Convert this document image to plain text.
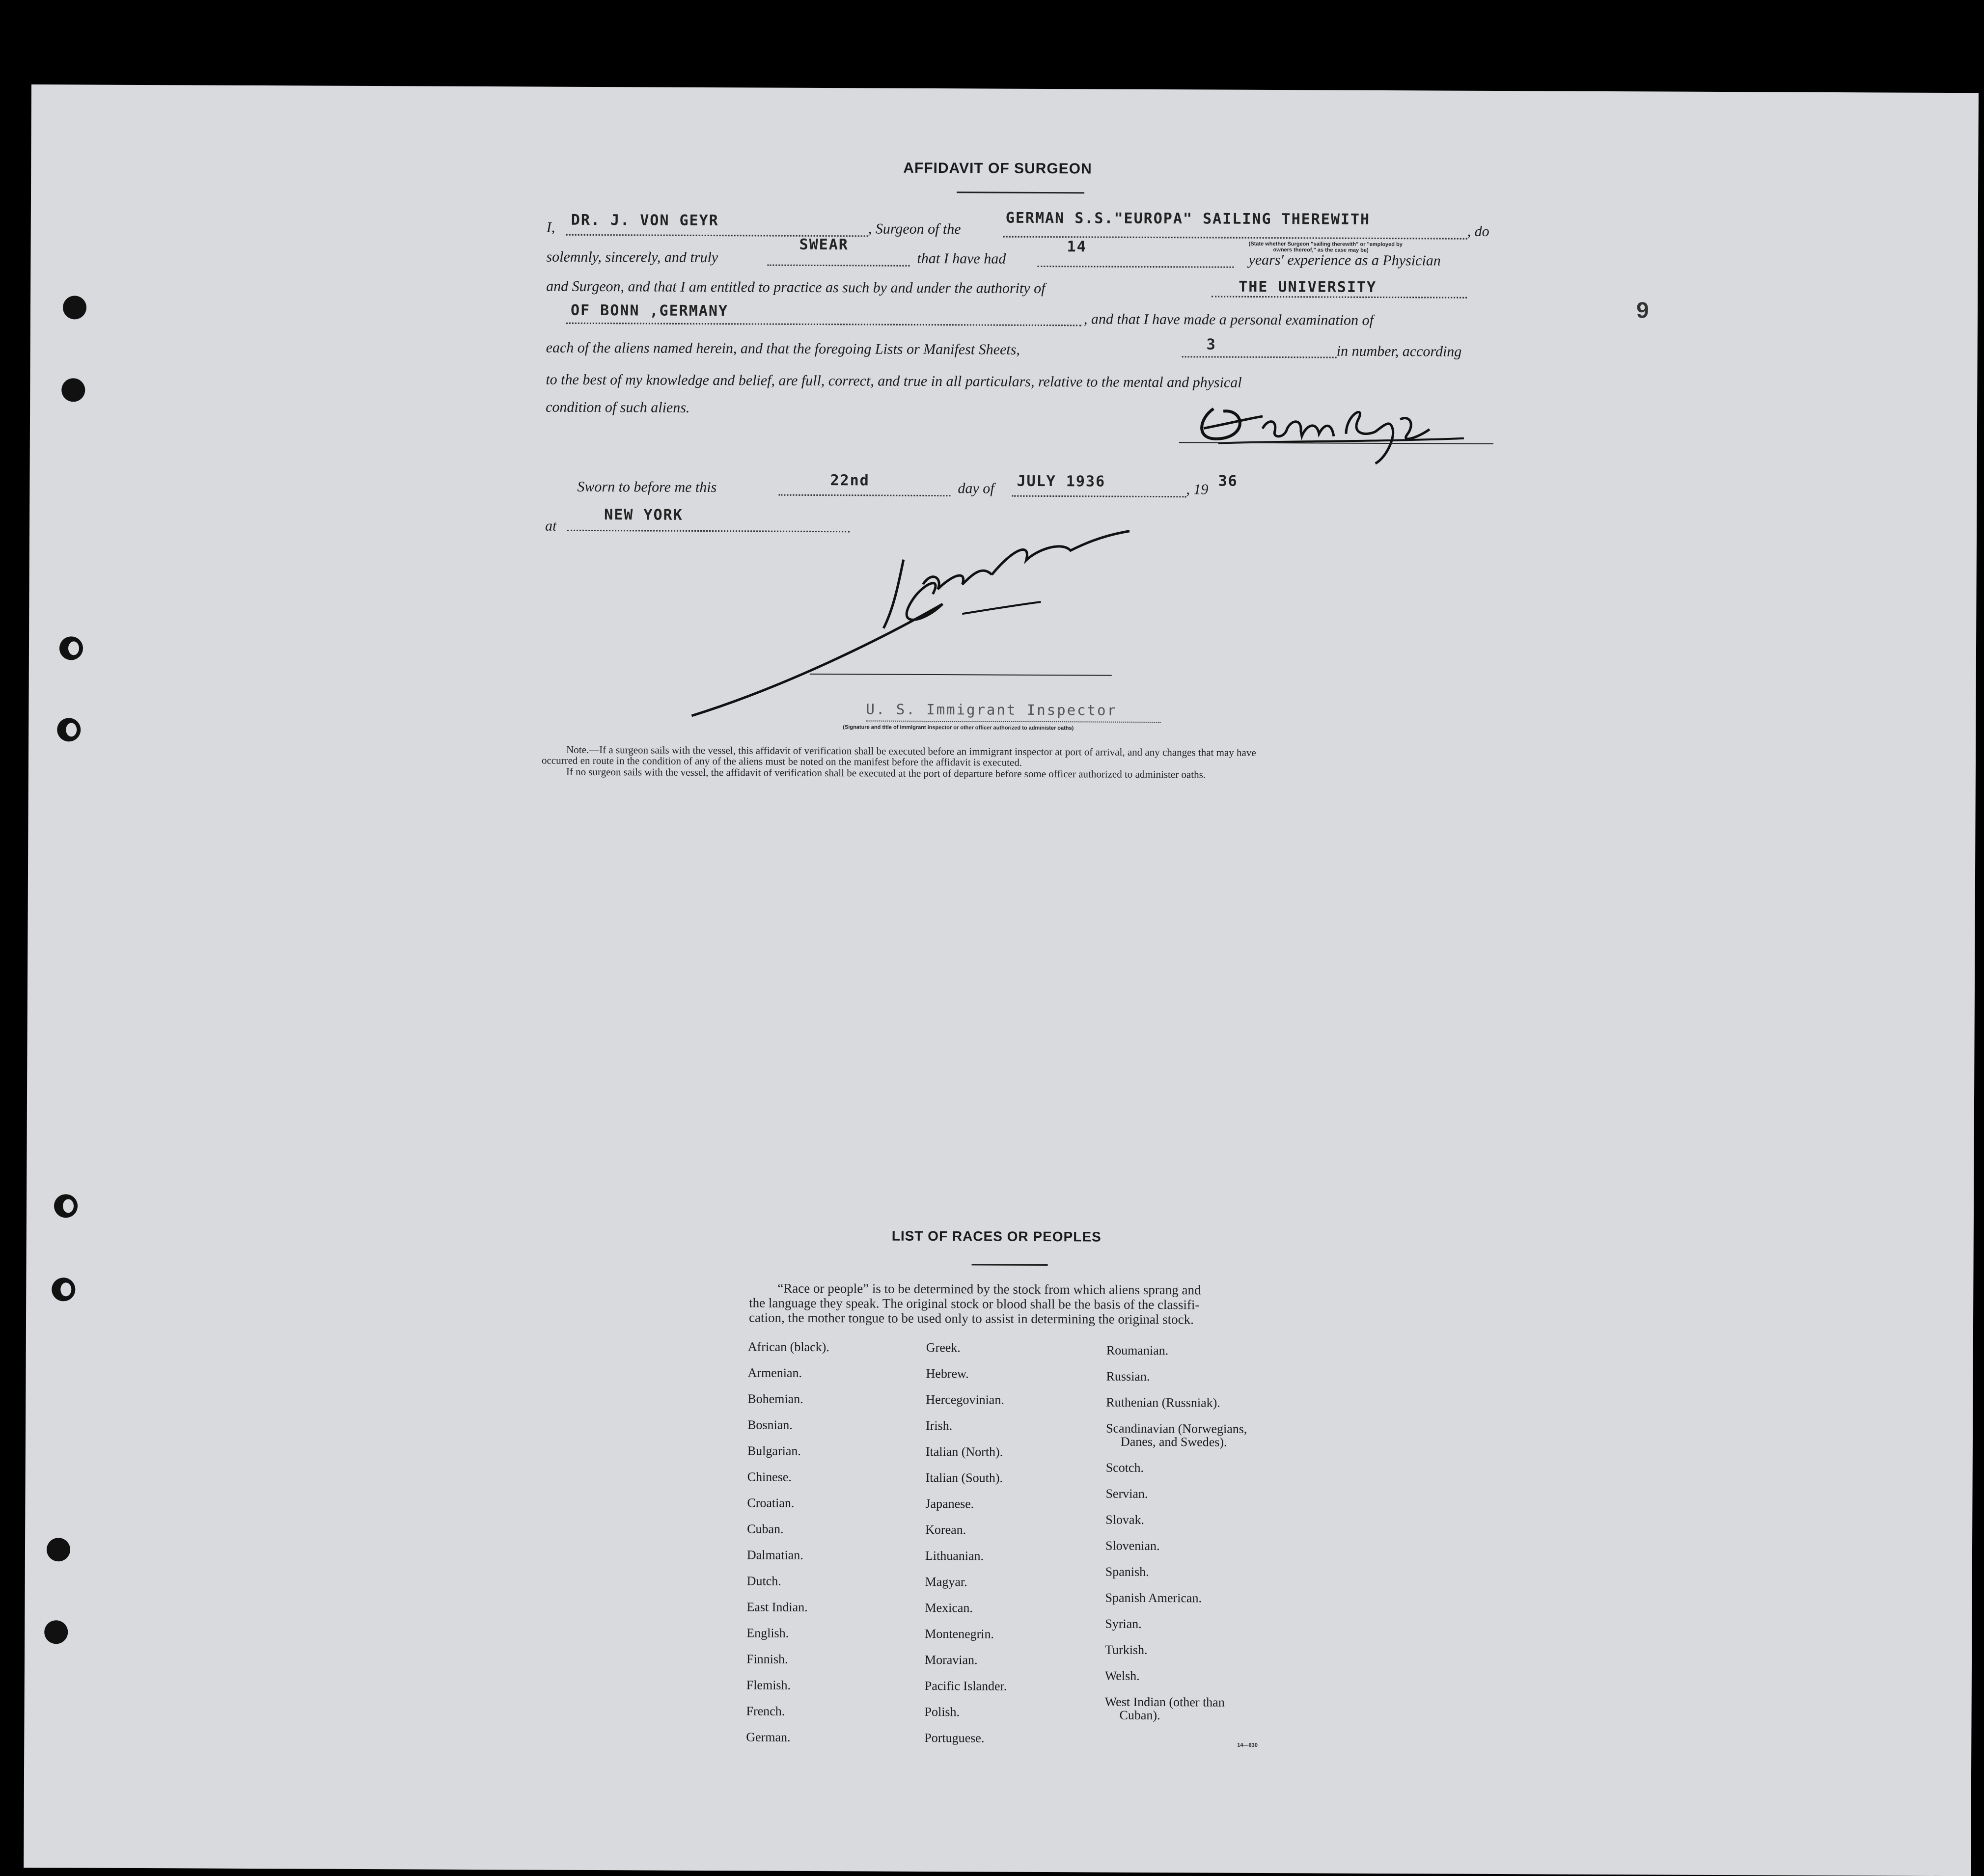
9
AFFIDAVIT OF SURGEON
I, DR. J. VON GEYR	, Surgeon of the
GERMAN S.S."EUROPA" SAILING THEREWITH
, do
(State whether Surgeon "sailing therewith" or "employed by
owners thereof," as the case may be)
solemnly, sincerely, and truly
SWEAR
that I have had
14
years' experience as a Physician
and Surgeon, and that I am entitled to practice as such by and under the authority of	THE UNIVERSITY
OF BONN ,GERMANY	, and that I have made a personal examination of
each of the aliens named herein, and that the foregoing Lists or Manifest Sheets,	3	in number, according
to the best of my knowledge and belief, are full, correct, and true in all particulars, relative to the mental and physical
condition of such aliens.
Sworn to before me this	22nd	day of JULY 1936	, 19 36
at
NEW YORK
U. S. Immigrant Inspector
(Signature and title of immigrant inspector or other officer authorized to administer oaths)
Note.—If a surgeon sails with the vessel, this affidavit of verification shall be executed before an immigrant inspector at port of arrival, and any changes that may have
occurred en route in the condition of any of the aliens must be noted on the manifest before the affidavit is executed.
If no surgeon sails with the vessel, the affidavit of verification shall be executed at the port of departure before some officer authorized to administer oaths.
LIST OF RACES OR PEOPLES
“Race or people” is to be determined by the stock from which aliens sprang and
the language they speak. The original stock or blood shall be the basis of the classifi-
cation, the mother tongue to be used only to assist in determining the original stock.
African (black).
Armenian.
Bohemian.
Bosnian.
Bulgarian.
Chinese.
Croatian.
Cuban.
Dalmatian.
Dutch.
East Indian.
English.
Finnish.
Flemish.
French.
German.
Greek.
Hebrew.
Hercegovinian.
Irish.
Italian (North).
Italian (South).
Japanese.
Korean.
Lithuanian.
Magyar.
Mexican.
Montenegrin.
Moravian.
Pacific Islander.
Polish.
Portuguese.
Roumanian.
Russian.
Ruthenian (Russniak).
Scandinavian (Norwegians,
Danes, and Swedes).
Scotch.
Servian.
Slovak.
Slovenian.
Spanish.
Spanish American.
Syrian.
Turkish.
Welsh.
West Indian (other than
Cuban).
14—630
